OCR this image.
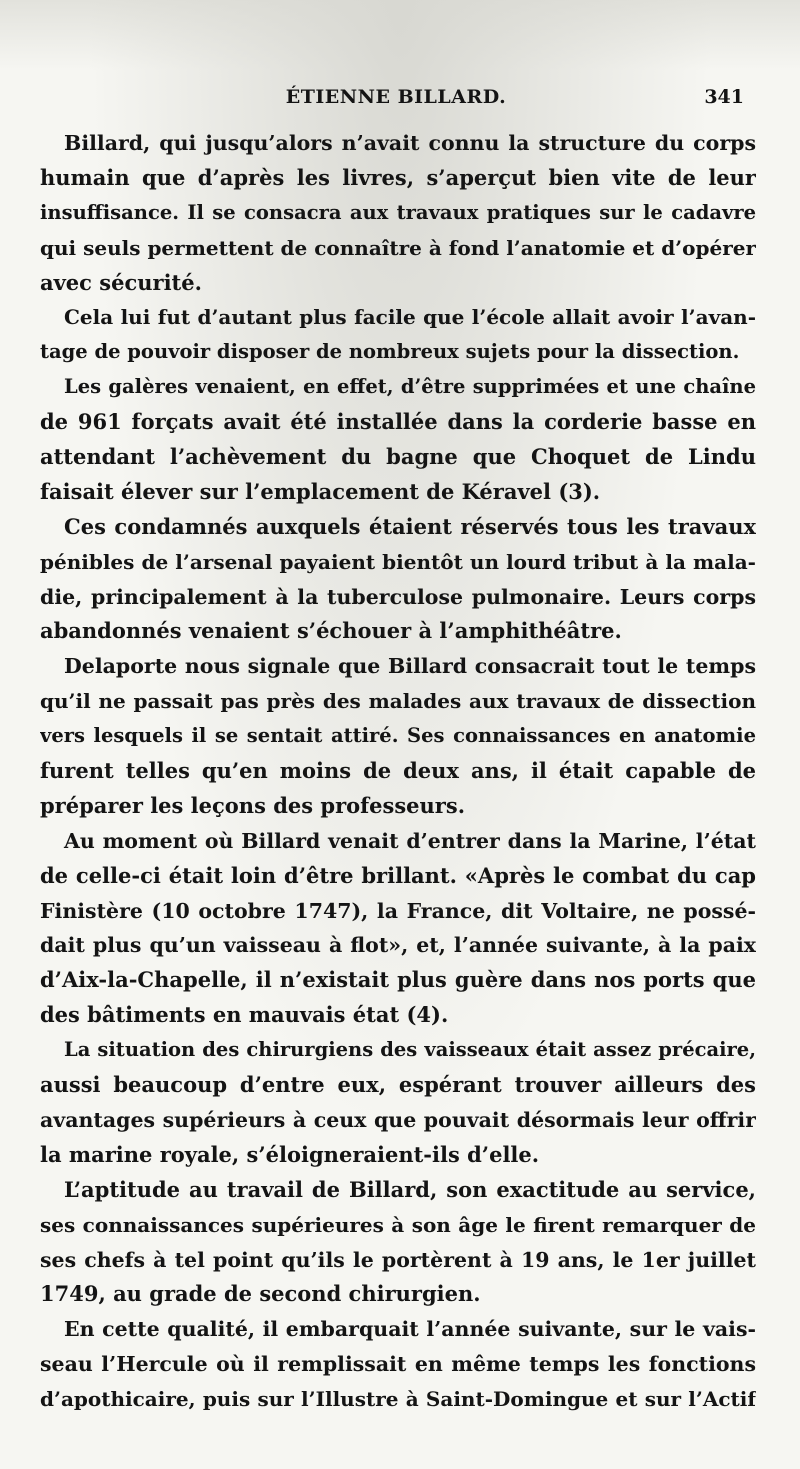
ÉTIENNE BILLARD.	341
Billard, qui jusqu’alors n’avait connu la structure du corps
humain que d’après les livres, s’aperçut bien vite de leur
insuffisance. Il se consacra aux travaux pratiques sur le cadavre
qui seuls permettent de connaître à fond l’anatomie et d’opérer
avec sécurité.
Cela lui fut d’autant plus facile que l’école allait avoir l’avan-
tage de pouvoir disposer de nombreux sujets pour la dissection.
Les galères venaient, en effet, d’être supprimées et une chaîne
de 961 forçats avait été installée dans la corderie basse en
attendant l’achèvement du bagne que Choquet de Lindu
faisait élever sur l’emplacement de Kéravel (3).
Ces condamnés auxquels étaient réservés tous les travaux
pénibles de l’arsenal payaient bientôt un lourd tribut à la mala-
die, principalement à la tuberculose pulmonaire. Leurs corps
abandonnés venaient s’échouer à l’amphithéâtre.
Delaporte nous signale que Billard consacrait tout le temps
qu’il ne passait pas près des malades aux travaux de dissection
vers lesquels il se sentait attiré. Ses connaissances en anatomie
furent telles qu’en moins de deux ans, il était capable de
préparer les leçons des professeurs.
Au moment où Billard venait d’entrer dans la Marine, l’état
de celle-ci était loin d’être brillant. «Après le combat du cap
Finistère (10 octobre 1747), la France, dit Voltaire, ne possé-
dait plus qu’un vaisseau à flot», et, l’année suivante, à la paix
d’Aix-la-Chapelle, il n’existait plus guère dans nos ports que
des bâtiments en mauvais état (4).
La situation des chirurgiens des vaisseaux était assez précaire,
aussi beaucoup d’entre eux, espérant trouver ailleurs des
avantages supérieurs à ceux que pouvait désormais leur offrir
la marine royale, s’éloigneraient-ils d’elle.
L’aptitude au travail de Billard, son exactitude au service,
ses connaissances supérieures à son âge le firent remarquer de
ses chefs à tel point qu’ils le portèrent à 19 ans, le 1er juillet
1749, au grade de second chirurgien.
En cette qualité, il embarquait l’année suivante, sur le vais-
seau l’Hercule où il remplissait en même temps les fonctions
d’apothicaire, puis sur l’Illustre à Saint-Domingue et sur l’Actif
